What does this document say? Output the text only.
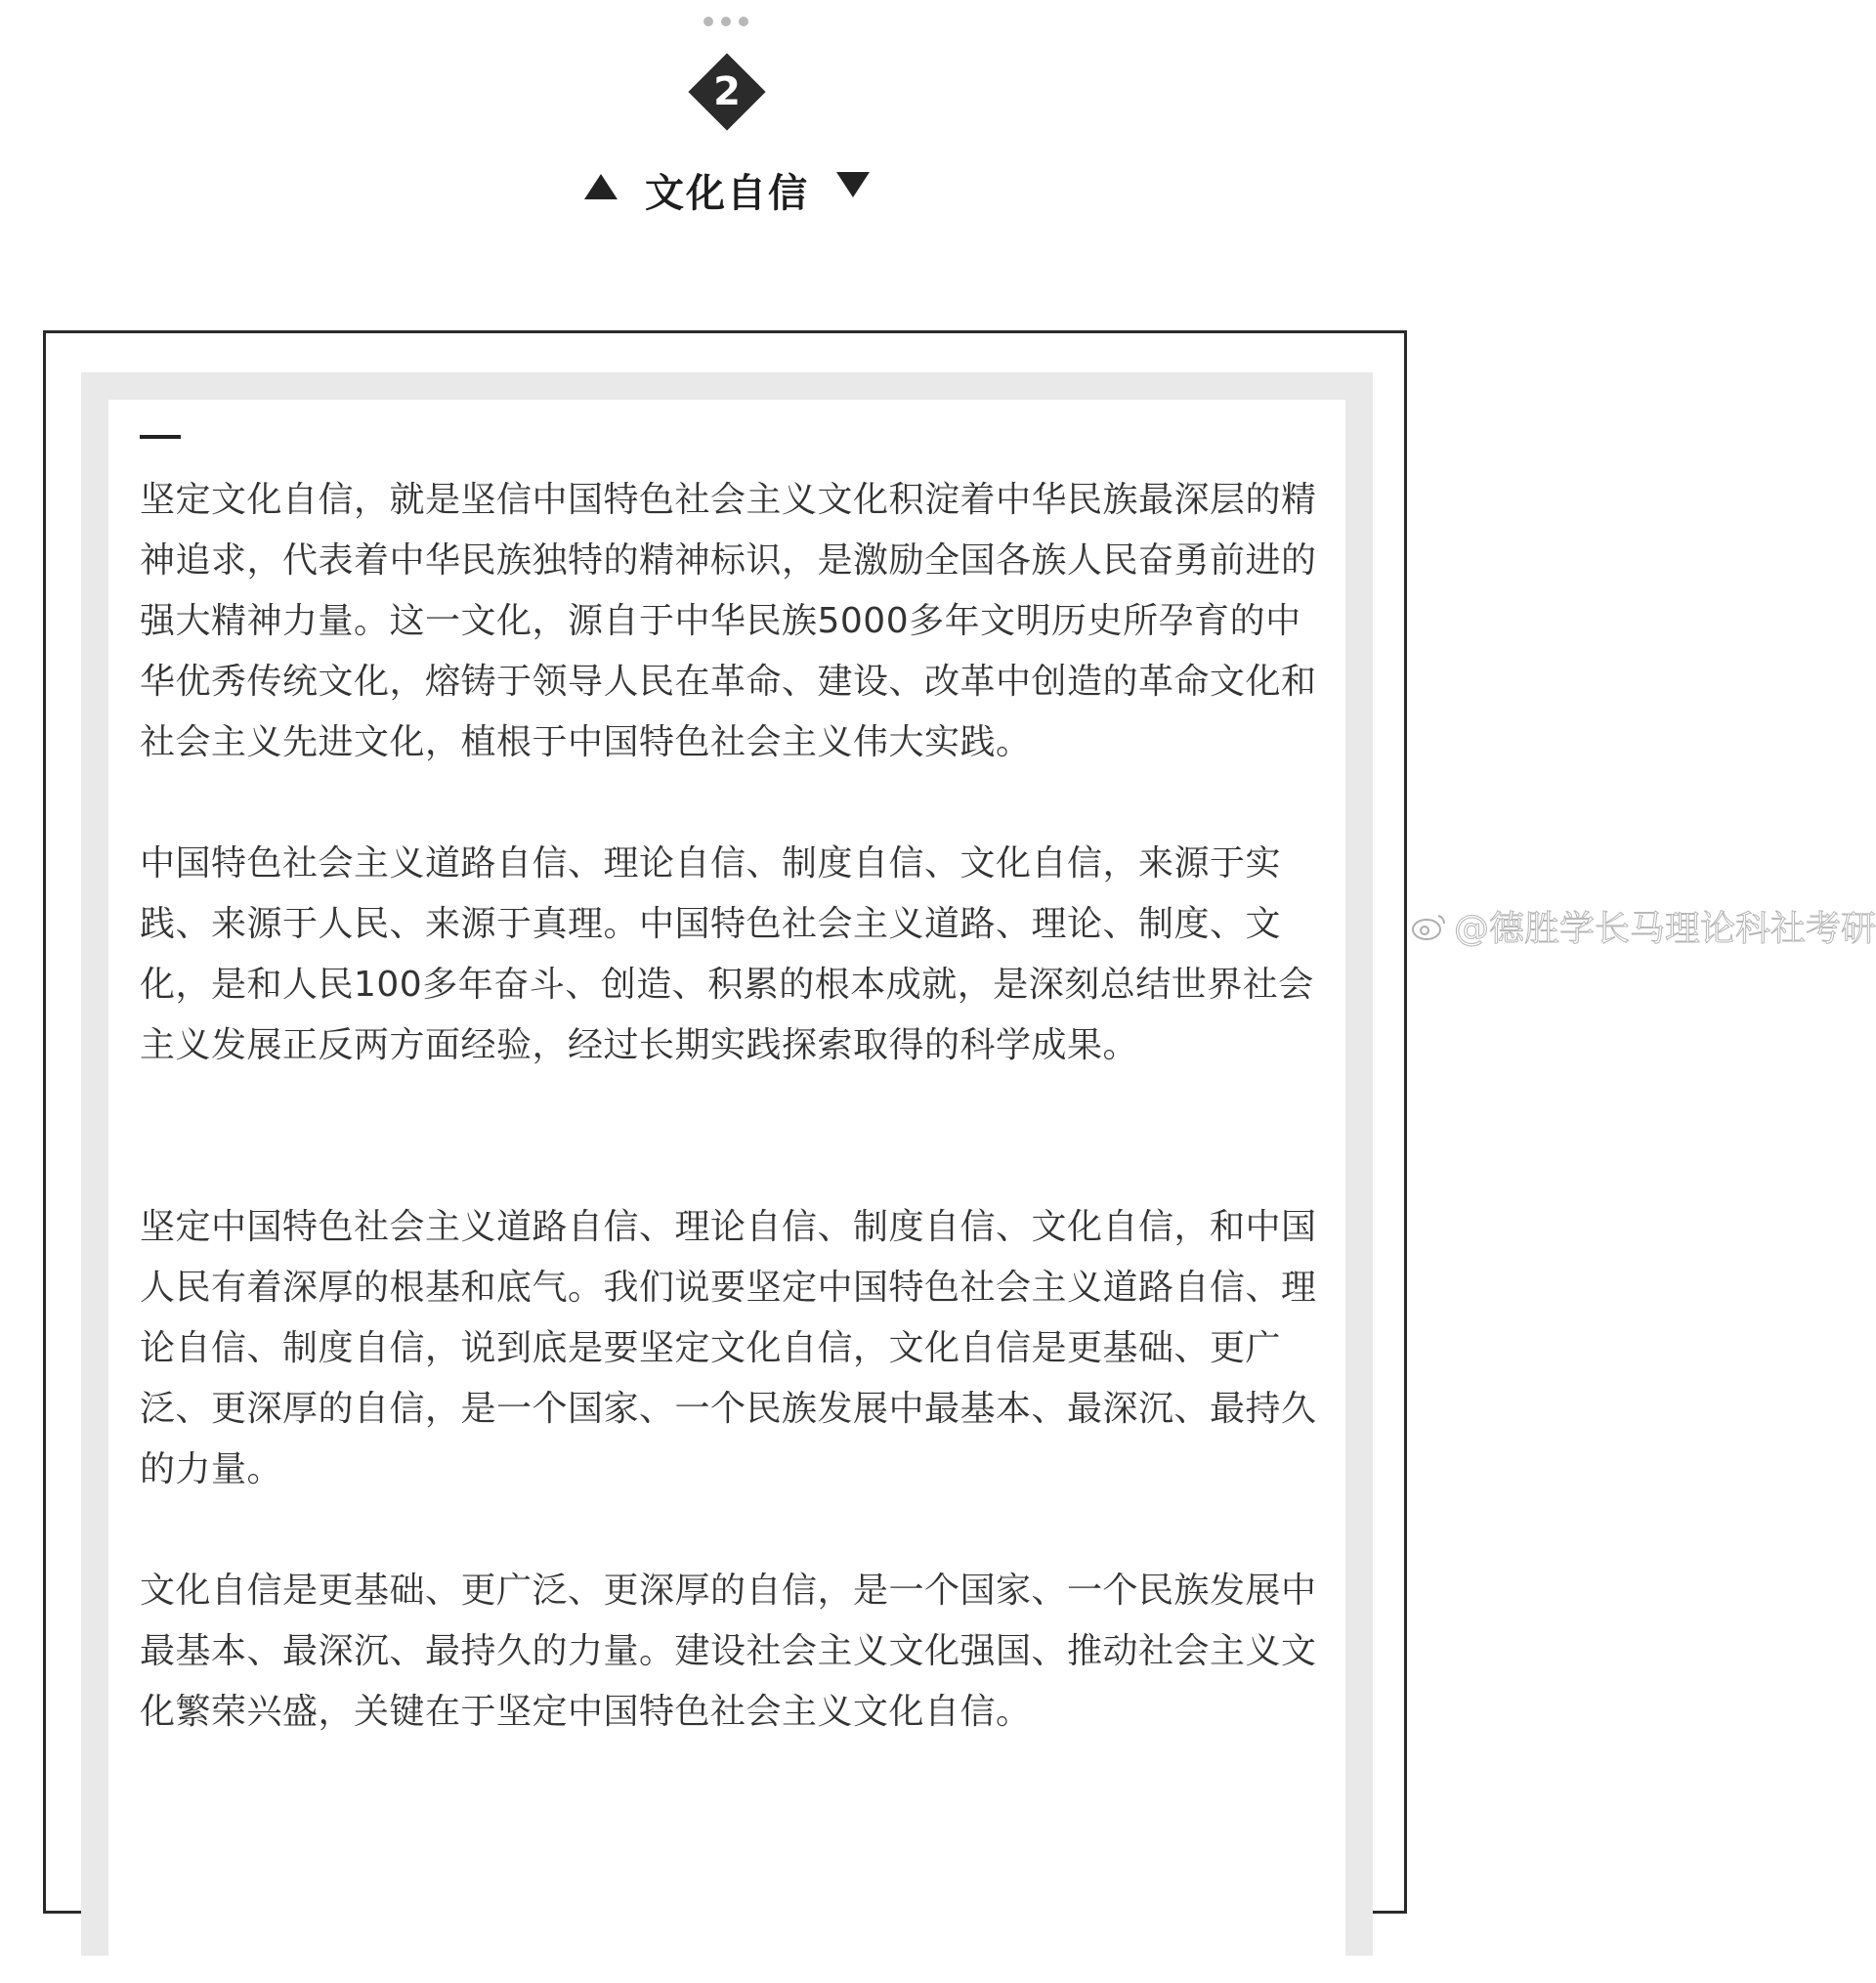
2
文化自信

坚定文化自信，就是坚信中国特色社会主义文化积淀着中华民族最深层的精神追求，代表着中华民族独特的精神标识，是激励全国各族人民奋勇前进的强大精神力量。这一文化，源自于中华民族5000多年文明历史所孕育的中华优秀传统文化，熔铸于领导人民在革命、建设、改革中创造的革命文化和社会主义先进文化，植根于中国特色社会主义伟大实践。

中国特色社会主义道路自信、理论自信、制度自信、文化自信，来源于实践、来源于人民、来源于真理。中国特色社会主义道路、理论、制度、文化，是和人民100多年奋斗、创造、积累的根本成就，是深刻总结世界社会主义发展正反两方面经验，经过长期实践探索取得的科学成果。

坚定中国特色社会主义道路自信、理论自信、制度自信、文化自信，和中国人民有着深厚的根基和底气。我们说要坚定中国特色社会主义道路自信、理论自信、制度自信，说到底是要坚定文化自信，文化自信是更基础、更广泛、更深厚的自信，是一个国家、一个民族发展中最基本、最深沉、最持久的力量。

文化自信是更基础、更广泛、更深厚的自信，是一个国家、一个民族发展中最基本、最深沉、最持久的力量。建设社会主义文化强国、推动社会主义文化繁荣兴盛，关键在于坚定中国特色社会主义文化自信。

@德胜学长马理论科社考研
